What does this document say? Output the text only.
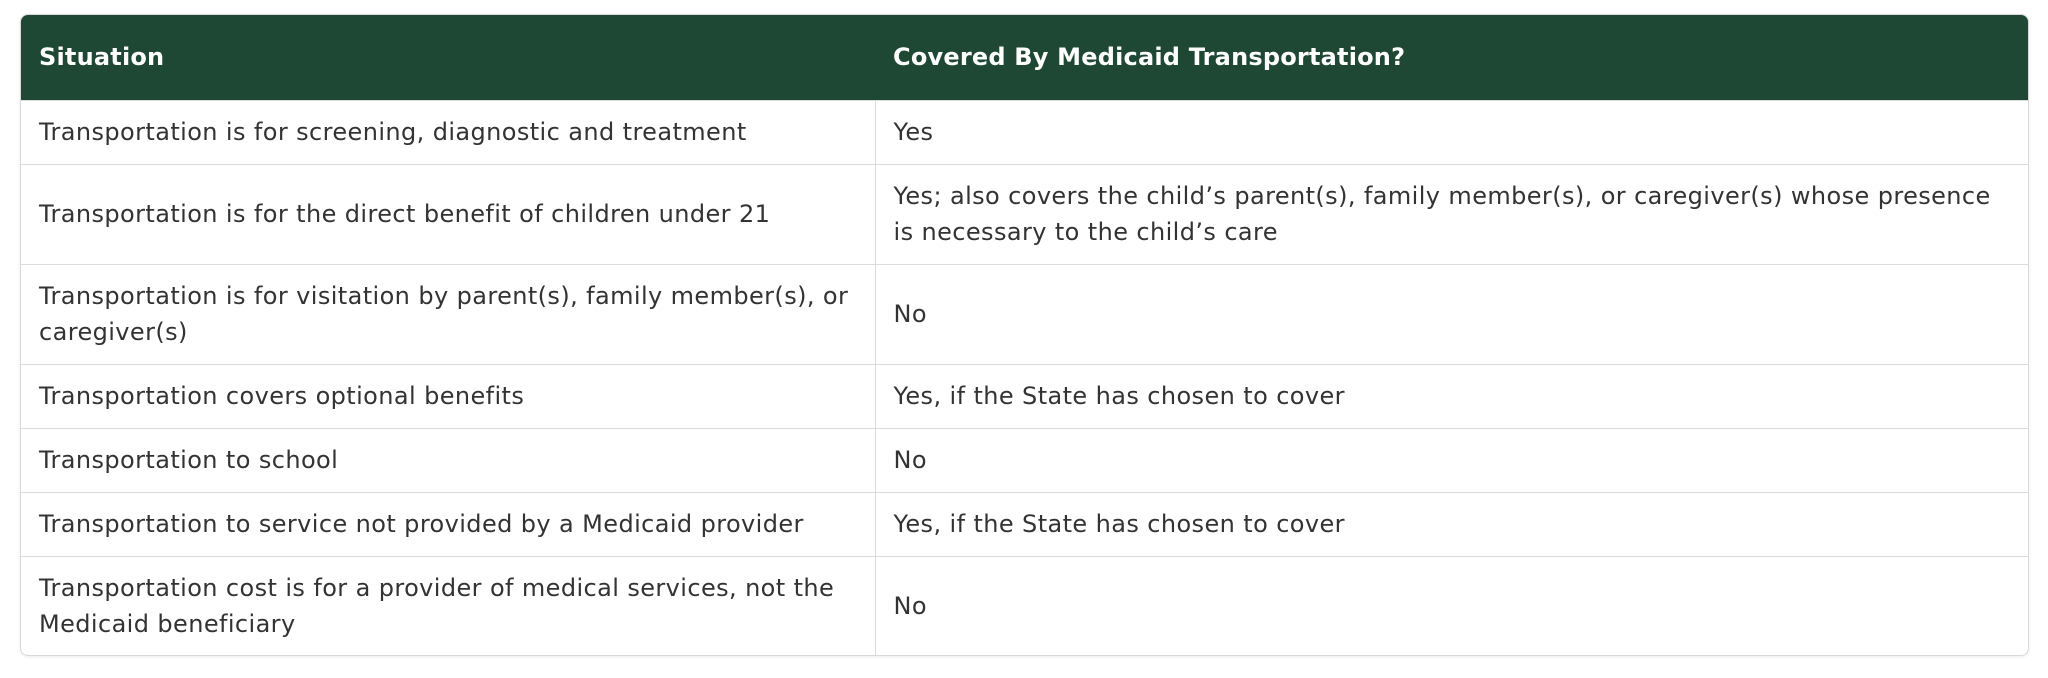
Situation	Covered By Medicaid Transportation?
Transportation is for screening, diagnostic and treatment	Yes
Transportation is for the direct benefit of children under 21	Yes; also covers the child’s parent(s), family member(s), or caregiver(s) whose presence is necessary to the child’s care
Transportation is for visitation by parent(s), family member(s), or caregiver(s)	No
Transportation covers optional benefits	Yes, if the State has chosen to cover
Transportation to school	No
Transportation to service not provided by a Medicaid provider	Yes, if the State has chosen to cover
Transportation cost is for a provider of medical services, not the Medicaid beneficiary	No
